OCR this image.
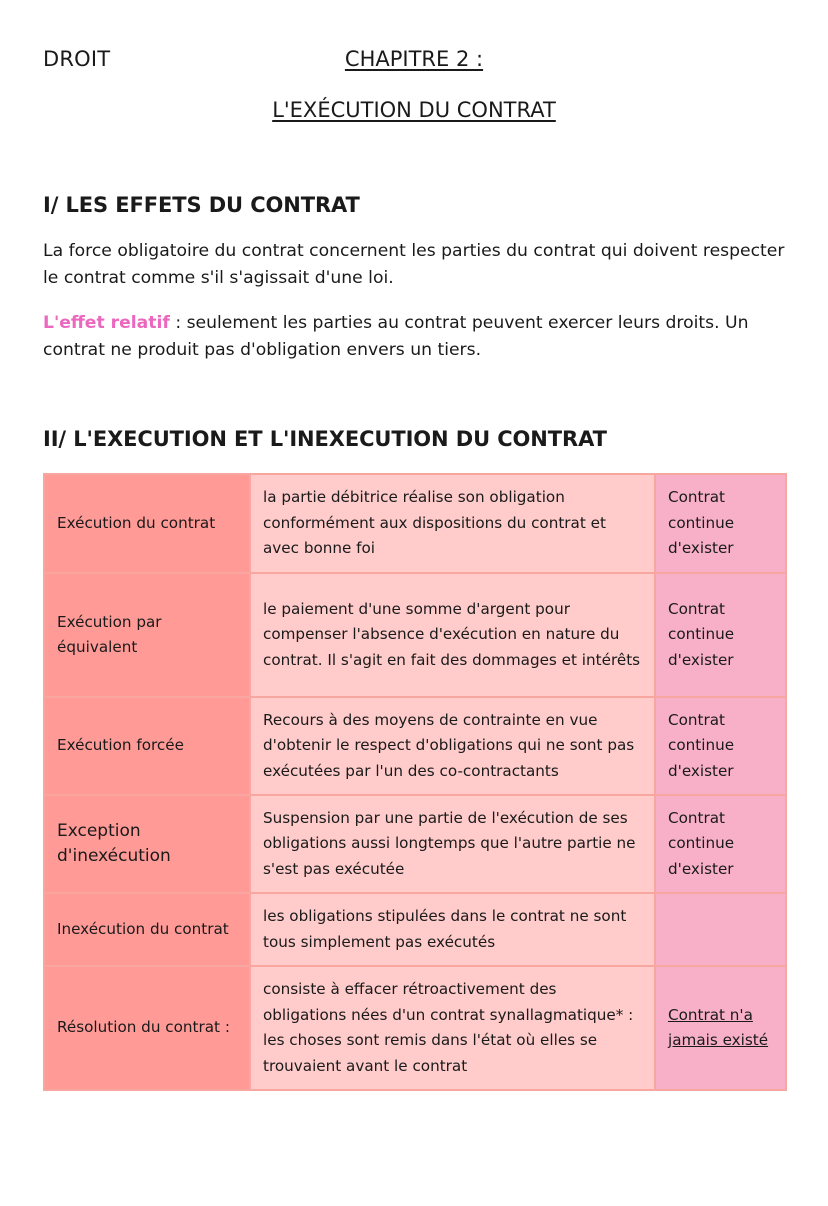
DROIT	CHAPITRE 2 :
L'EXÉCUTION DU CONTRAT
I/ LES EFFETS DU CONTRAT
La force obligatoire du contrat concernent les parties du contrat qui doivent respecter le contrat comme s'il s'agissait d'une loi.
L'effet relatif : seulement les parties au contrat peuvent exercer leurs droits. Un contrat ne produit pas d'obligation envers un tiers.
II/ L'EXECUTION ET L'INEXECUTION DU CONTRAT
Exécution du contrat	la partie débitrice réalise son obligation conformément aux dispositions du contrat et avec bonne foi	Contrat continue d'exister
Exécution par équivalent	le paiement d'une somme d'argent pour compenser l'absence d'exécution en nature du contrat. Il s'agit en fait des dommages et intérêts	Contrat continue d'exister
Exécution forcée	Recours à des moyens de contrainte en vue d'obtenir le respect d'obligations qui ne sont pas exécutées par l'un des co-contractants	Contrat continue d'exister
Exception d'inexécution	Suspension par une partie de l'exécution de ses obligations aussi longtemps que l'autre partie ne s'est pas exécutée	Contrat continue d'exister
Inexécution du contrat	les obligations stipulées dans le contrat ne sont tous simplement pas exécutés	
Résolution du contrat :	consiste à effacer rétroactivement des obligations nées d'un contrat synallagmatique* : les choses sont remis dans l'état où elles se trouvaient avant le contrat	Contrat n'a jamais existé
